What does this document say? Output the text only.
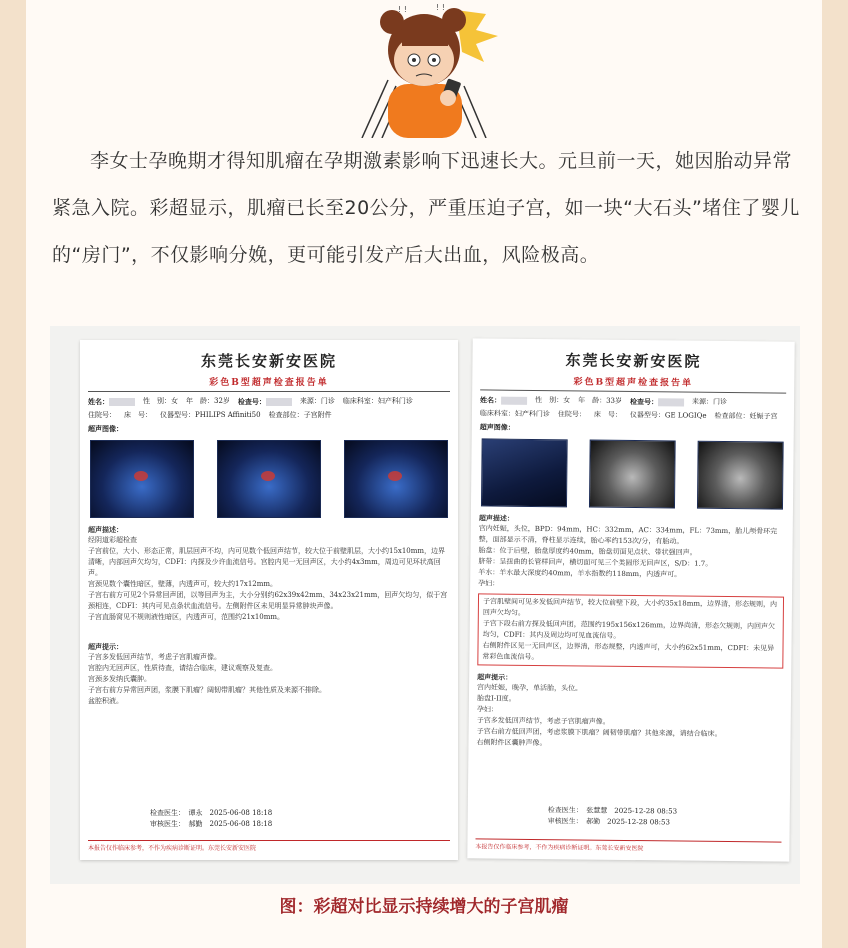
! !	! !

李女士孕晚期才得知肌瘤在孕期激素影响下迅速长大。元旦前一天，她因胎动异常紧急入院。彩超显示，肌瘤已长至20公分，严重压迫子宫，如一块“大石头”堵住了婴儿的“房门”，不仅影响分娩，更可能引发产后大出血，风险极高。

东莞长安新安医院
彩色B型超声检查报告单
姓名：	性　别：女 年　龄：32岁 检查号：	来源：门诊 临床科室：妇产科门诊
住院号： 床　号： 仪器型号：PHILIPS Affiniti50 检查部位：子宫附件
超声图像：
超声描述：
经阴道彩超检查
子宫前位，大小、形态正常，肌层回声不均，内可见数个低回声结节，较大位于前壁肌层，大小约15x10mm，边界清晰，内部回声欠均匀，CDFI：内探及少许血流信号。宫腔内见一无回声区，大小约4x3mm，周边可见环状高回声。
宫颈见数个囊性暗区，壁薄，内透声可，较大约17x12mm。
子宫右前方可见2个异常回声团，以等回声为主，大小分别约62x39x42mm、34x23x21mm，回声欠均匀，似于宫颈相连，CDFI：其内可见点条状血流信号。左侧附件区未见明显异常肿块声像。
子宫直肠窝见不规则液性暗区，内透声可，范围约21x10mm。
超声提示：
子宫多发低回声结节，考虑子宫肌瘤声像。
宫腔内无回声区，性质待查，请结合临床，建议观察及复查。
宫颈多发纳氏囊肿。
子宫右前方异常回声团，浆膜下肌瘤？阔韧带肌瘤？其他性质及来源不排除。
盆腔积液。
检查医生：　谭永　2025-06-08 18:18
审核医生：　郝勤　2025-06-08 18:18
本报告仅作临床参考，不作为疾病诊断证明。东莞长安新安医院
东莞长安新安医院
彩色B型超声检查报告单
姓名：	性　别：女 年　龄：33岁 检查号：	来源：门诊
临床科室：妇产科门诊 住院号： 床　号： 仪器型号：GE LOGIQe 检查部位：妊娠子宫
超声图像：
超声描述：
宫内妊娠，头位，BPD：94mm，HC：332mm，AC：334mm，FL：73mm，胎儿颅骨环完整，面部显示不清，脊柱显示连续，胎心率约153次/分，有胎动。
胎盘：位于后壁，胎盘厚度约40mm，胎盘切面见点状、带状强回声。
脐带：呈扭曲的长管样回声，横切面可见三个类圆形无回声区，S/D：1.7。
羊水：羊水最大深度约40mm，羊水指数约118mm，内透声可。
孕妇：
子宫肌壁间可见多发低回声结节，较大位前壁下段，大小约35x18mm，边界清，形态规则，内回声欠均匀。
子宫下段右前方探及低回声团，范围约195x156x126mm，边界尚清，形态欠规则，内回声欠均匀，CDFI：其内及周边均可见血流信号。
右侧附件区见一无回声区，边界清，形态规整，内透声可，大小约62x51mm，CDFI：未见异常彩色血流信号。
超声提示：
宫内妊娠，晚孕，单活胎，头位。
胎盘I-II度。
孕妇：
子宫多发低回声结节，考虑子宫肌瘤声像。
子宫右前方低回声团，考虑浆膜下肌瘤？阔韧带肌瘤？其他来源，请结合临床。
右侧附件区囊肿声像。
检查医生：　张慧慧　2025-12-28 08:53
审核医生：　郝勤　2025-12-28 08:53
本报告仅作临床参考，不作为疾病诊断证明。东莞长安新安医院
图：彩超对比显示持续增大的子宫肌瘤
